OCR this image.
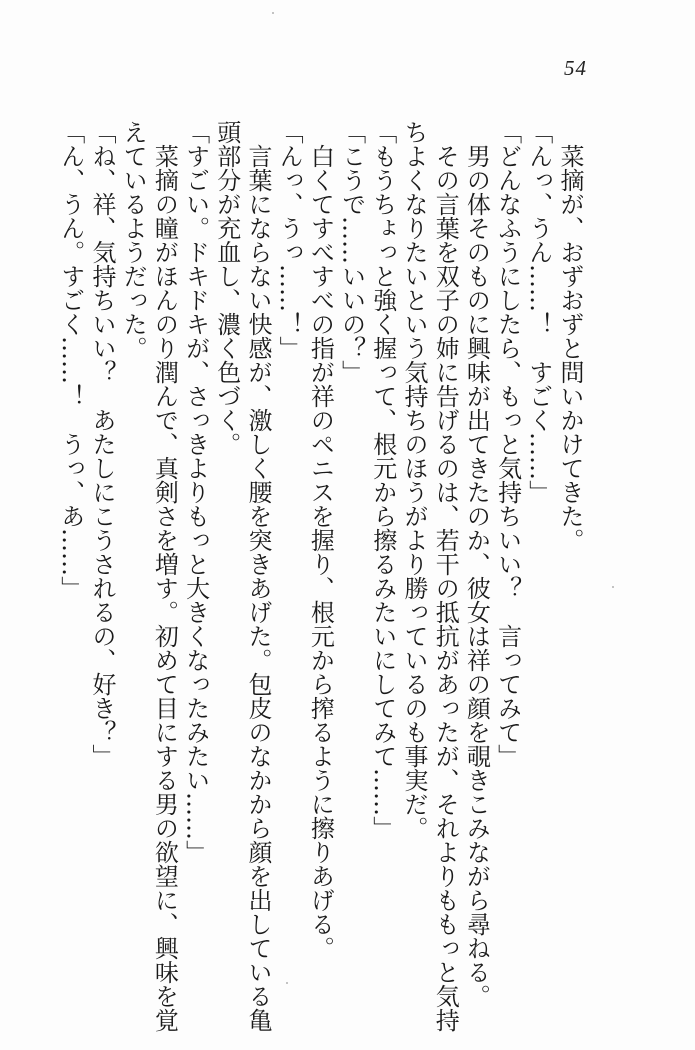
54

　菜摘が、おずおずと問いかけてきた。

「んっ、うん……！　すごく……」

「どんなふうにしたら、もっと気持ちいい？　言ってみて」

　男の体そのものに興味が出てきたのか、彼女は祥の顔を覗きこみながら尋ねる。

　その言葉を双子の姉に告げるのは、若干の抵抗があったが、それよりももっと気持

ちよくなりたいという気持ちのほうがより勝っているのも事実だ。

「もうちょっと強く握って、根元から擦るみたいにしてみて……」

「こうで……いいの？」

　白くてすべすべの指が祥のペニスを握り、根元から搾るように擦りあげる。

「んっ、うっ……！」

　言葉にならない快感が、激しく腰を突きあげた。包皮のなかから顔を出している亀

頭部分が充血し、濃く色づく。

「すごい。ドキドキが、さっきよりもっと大きくなったみたい……」

　菜摘の瞳がほんのり潤んで、真剣さを増す。初めて目にする男の欲望に、興味を覚

えているようだった。

「ね、祥、気持ちいい？　あたしにこうされるの、好き？」

「ん、うん。すごく……！　うっ、あ……」
